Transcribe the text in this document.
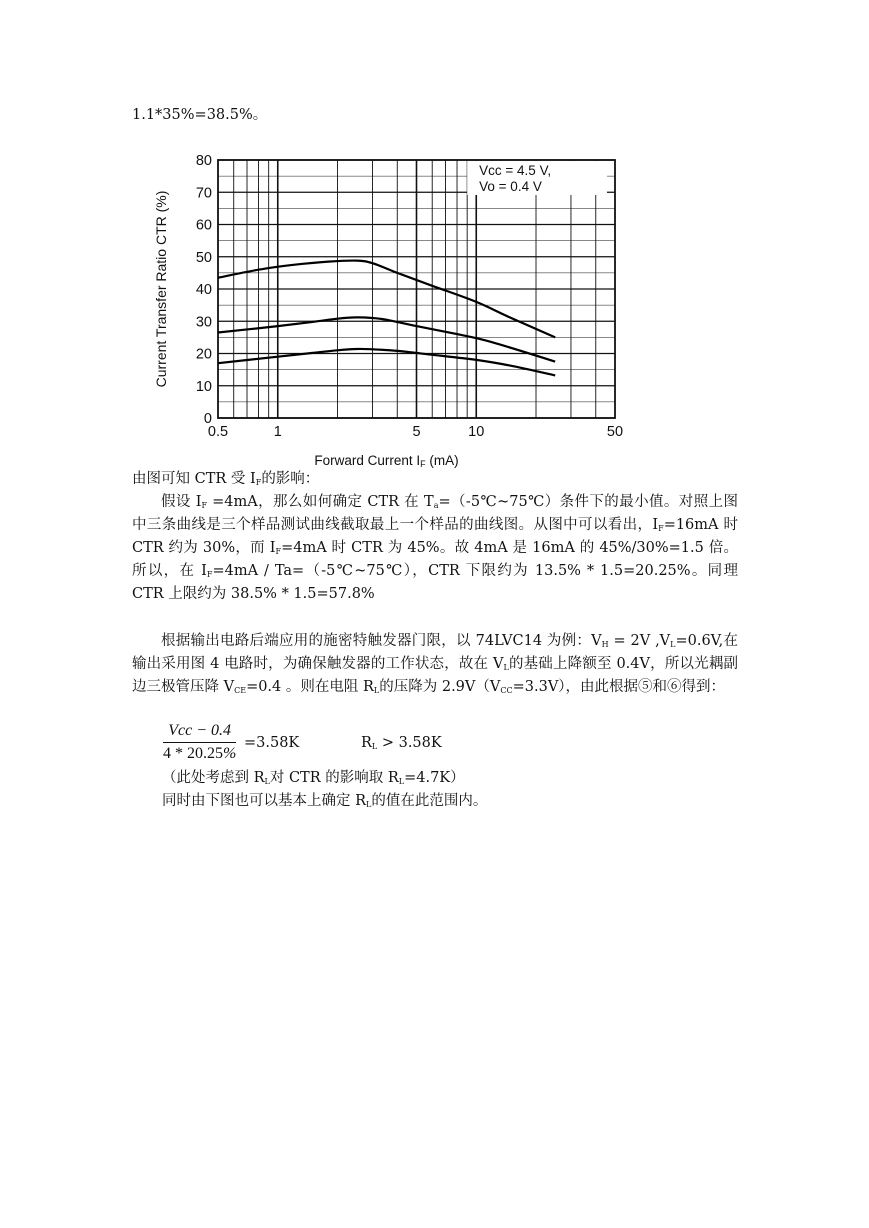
1.1*35%=38.5%。

0
10
20
30
40
50
60
70
80
0.5	1	5	10	50
Vcc = 4.5 V,
Vo = 0.4 V
Current Transfer Ratio CTR (%)
Forward Current IF (mA)

由图可知 CTR 受 $I_F$的影响：

假设 $I_F =4mA$，那么如何确定 CTR 在 $T_a=(-5℃\sim 75℃)$条件下的最小值。对照上图中三条曲线是三个样品测试曲线截取最上一个样品的曲线图。从图中可以看出，$I_F=16mA$ 时 CTR 约为 30%，而 $I_F=4mA$ 时 CTR 为 45%。故 4mA 是 16mA 的 45%/30%=1.5 倍。所以，在 $I_F=4mA$ / Ta=（-5℃~75℃），CTR 下限约为 13.5% * 1.5=20.25%。同理 CTR 上限约为 38.5% * 1.5=57.8%

根据输出电路后端应用的施密特触发器门限，以 74LVC14 为例：$V_H = 2V$ $,V_L=0.6V$,在输出采用图 4 电路时，为确保触发器的工作状态，故在 $V_L$的基础上降额至 0.4V，所以光耦副边三极管压降 $V_{CE}=0.4$ 。则在电阻 $R_L$的压降为 $2.9V(V_{CC}=3.3V)$，由此根据⑤和⑥得到：

Vcc − 0.4
4 * 20.25%
=3.58K	$R_L > 3.58K$

（此处考虑到 $R_L$对 CTR 的影响取 $R_L=4.7K$）

同时由下图也可以基本上确定 $R_L$的值在此范围内。
